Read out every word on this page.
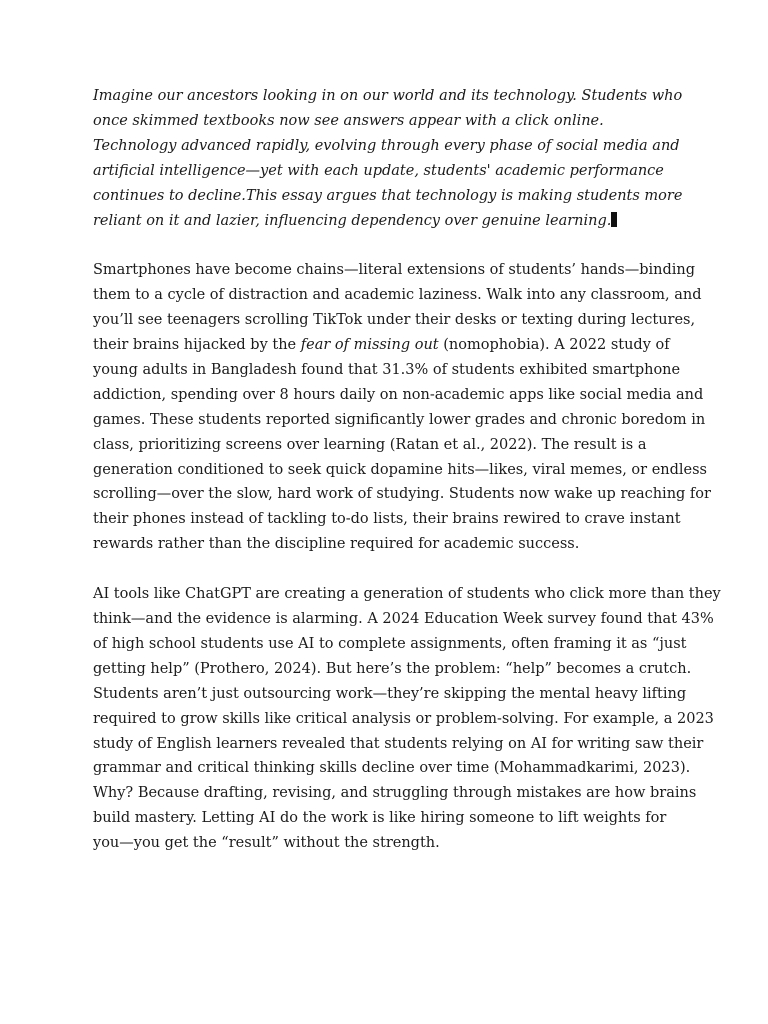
Imagine our ancestors looking in on our world and its technology. Students who
once skimmed textbooks now see answers appear with a click online.
Technology advanced rapidly, evolving through every phase of social media and
artificial intelligence—yet with each update, students' academic performance
continues to decline.This essay argues that technology is making students more
reliant on it and lazier, influencing dependency over genuine learning.
Smartphones have become chains—literal extensions of students’ hands—binding
them to a cycle of distraction and academic laziness. Walk into any classroom, and
you’ll see teenagers scrolling TikTok under their desks or texting during lectures,
their brains hijacked by the fear of missing out (nomophobia). A 2022 study of
young adults in Bangladesh found that 31.3% of students exhibited smartphone
addiction, spending over 8 hours daily on non-academic apps like social media and
games. These students reported significantly lower grades and chronic boredom in
class, prioritizing screens over learning (Ratan et al., 2022). The result is a
generation conditioned to seek quick dopamine hits—likes, viral memes, or endless
scrolling—over the slow, hard work of studying. Students now wake up reaching for
their phones instead of tackling to-do lists, their brains rewired to crave instant
rewards rather than the discipline required for academic success.
AI tools like ChatGPT are creating a generation of students who click more than they
think—and the evidence is alarming. A 2024 Education Week survey found that 43%
of high school students use AI to complete assignments, often framing it as “just
getting help” (Prothero, 2024). But here’s the problem: “help” becomes a crutch.
Students aren’t just outsourcing work—they’re skipping the mental heavy lifting
required to grow skills like critical analysis or problem-solving. For example, a 2023
study of English learners revealed that students relying on AI for writing saw their
grammar and critical thinking skills decline over time (Mohammadkarimi, 2023).
Why? Because drafting, revising, and struggling through mistakes are how brains
build mastery. Letting AI do the work is like hiring someone to lift weights for
you—you get the “result” without the strength.
